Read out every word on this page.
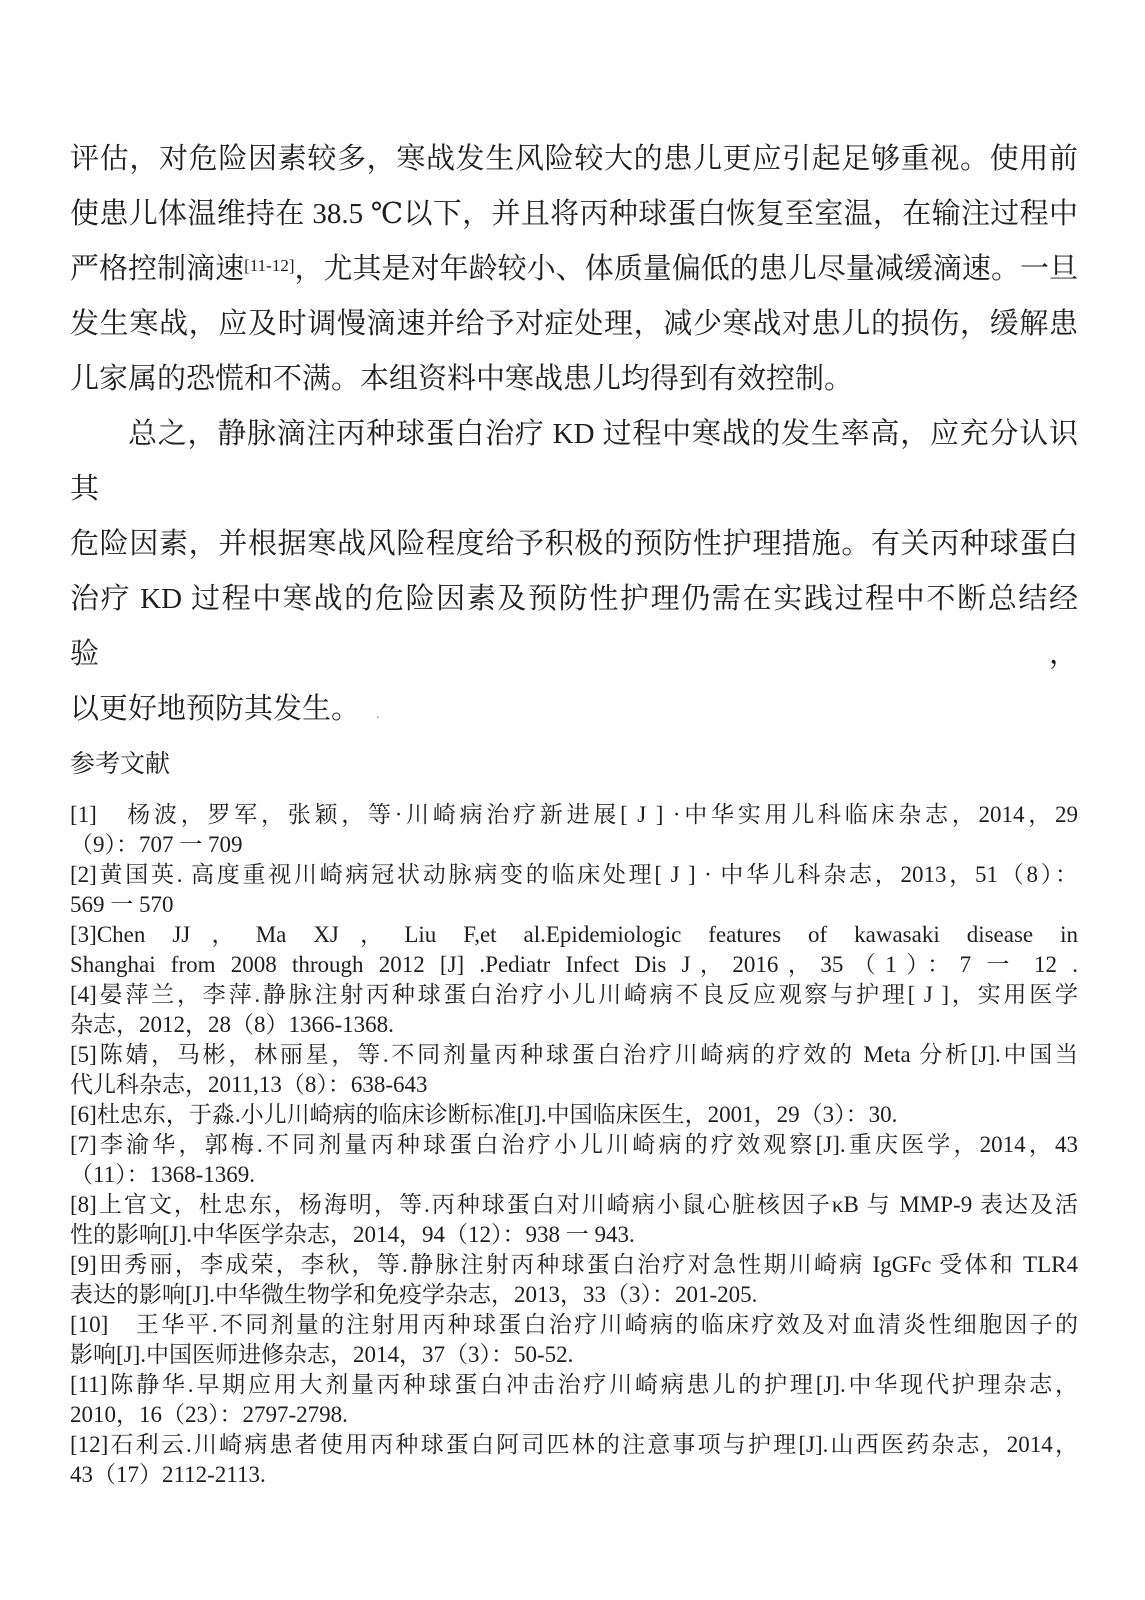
评估，对危险因素较多，寒战发生风险较大的患儿更应引起足够重视。使用前
使患儿体温维持在 38.5 ℃以下，并且将丙种球蛋白恢复至室温，在输注过程中
严格控制滴速[11-12]，尤其是对年龄较小、体质量偏低的患儿尽量减缓滴速。一旦
发生寒战，应及时调慢滴速并给予对症处理，减少寒战对患儿的损伤，缓解患
儿家属的恐慌和不满。本组资料中寒战患儿均得到有效控制。
总之，静脉滴注丙种球蛋白治疗 KD 过程中寒战的发生率高，应充分认识其
危险因素，并根据寒战风险程度给予积极的预防性护理措施。有关丙种球蛋白
治疗 KD 过程中寒战的危险因素及预防性护理仍需在实践过程中不断总结经验，
以更好地预防其发生。 .
参考文献
[1]　杨波，罗军，张颖，等·川崎病治疗新进展[ J ] ·中华实用儿科临床杂志，2014，29
（9）：707 一 709
[2]黄国英. 高度重视川崎病冠状动脉病变的临床处理[ J ] · 中华儿科杂志，2013，51（8）：
569 一 570
[3]Chen JJ，Ma XJ，Liu F,et al.Epidemiologic features of kawasaki disease in
Shanghai from 2008 through 2012 [J] .Pediatr Infect Dis J，2016，35（1）：7 一 12 .
[4]晏萍兰，李萍.静脉注射丙种球蛋白治疗小儿川崎病不良反应观察与护理[ J ]，实用医学
杂志，2012，28（8）1366-1368.
[5]陈婧，马彬，林丽星，等.不同剂量丙种球蛋白治疗川崎病的疗效的 Meta 分析[J].中国当
代儿科杂志，2011,13（8）：638-643
[6]杜忠东，于淼.小儿川崎病的临床诊断标准[J].中国临床医生，2001，29（3）：30.
[7]李渝华，郭梅.不同剂量丙种球蛋白治疗小儿川崎病的疗效观察[J].重庆医学，2014，43
（11）：1368-1369.
[8]上官文，杜忠东，杨海明，等.丙种球蛋白对川崎病小鼠心脏核因子κB 与 MMP-9 表达及活
性的影响[J].中华医学杂志，2014，94（12）：938 一 943.
[9]田秀丽，李成荣，李秋，等.静脉注射丙种球蛋白治疗对急性期川崎病 IgGFc 受体和 TLR4
表达的影响[J].中华微生物学和免疫学杂志，2013，33（3）：201-205.
[10]　王华平.不同剂量的注射用丙种球蛋白治疗川崎病的临床疗效及对血清炎性细胞因子的
影响[J].中国医师进修杂志，2014，37（3）：50-52.
[11]陈静华.早期应用大剂量丙种球蛋白冲击治疗川崎病患儿的护理[J].中华现代护理杂志，
2010，16（23）：2797-2798.
[12]石利云.川崎病患者使用丙种球蛋白阿司匹林的注意事项与护理[J].山西医药杂志，2014，
43（17）2112-2113.
